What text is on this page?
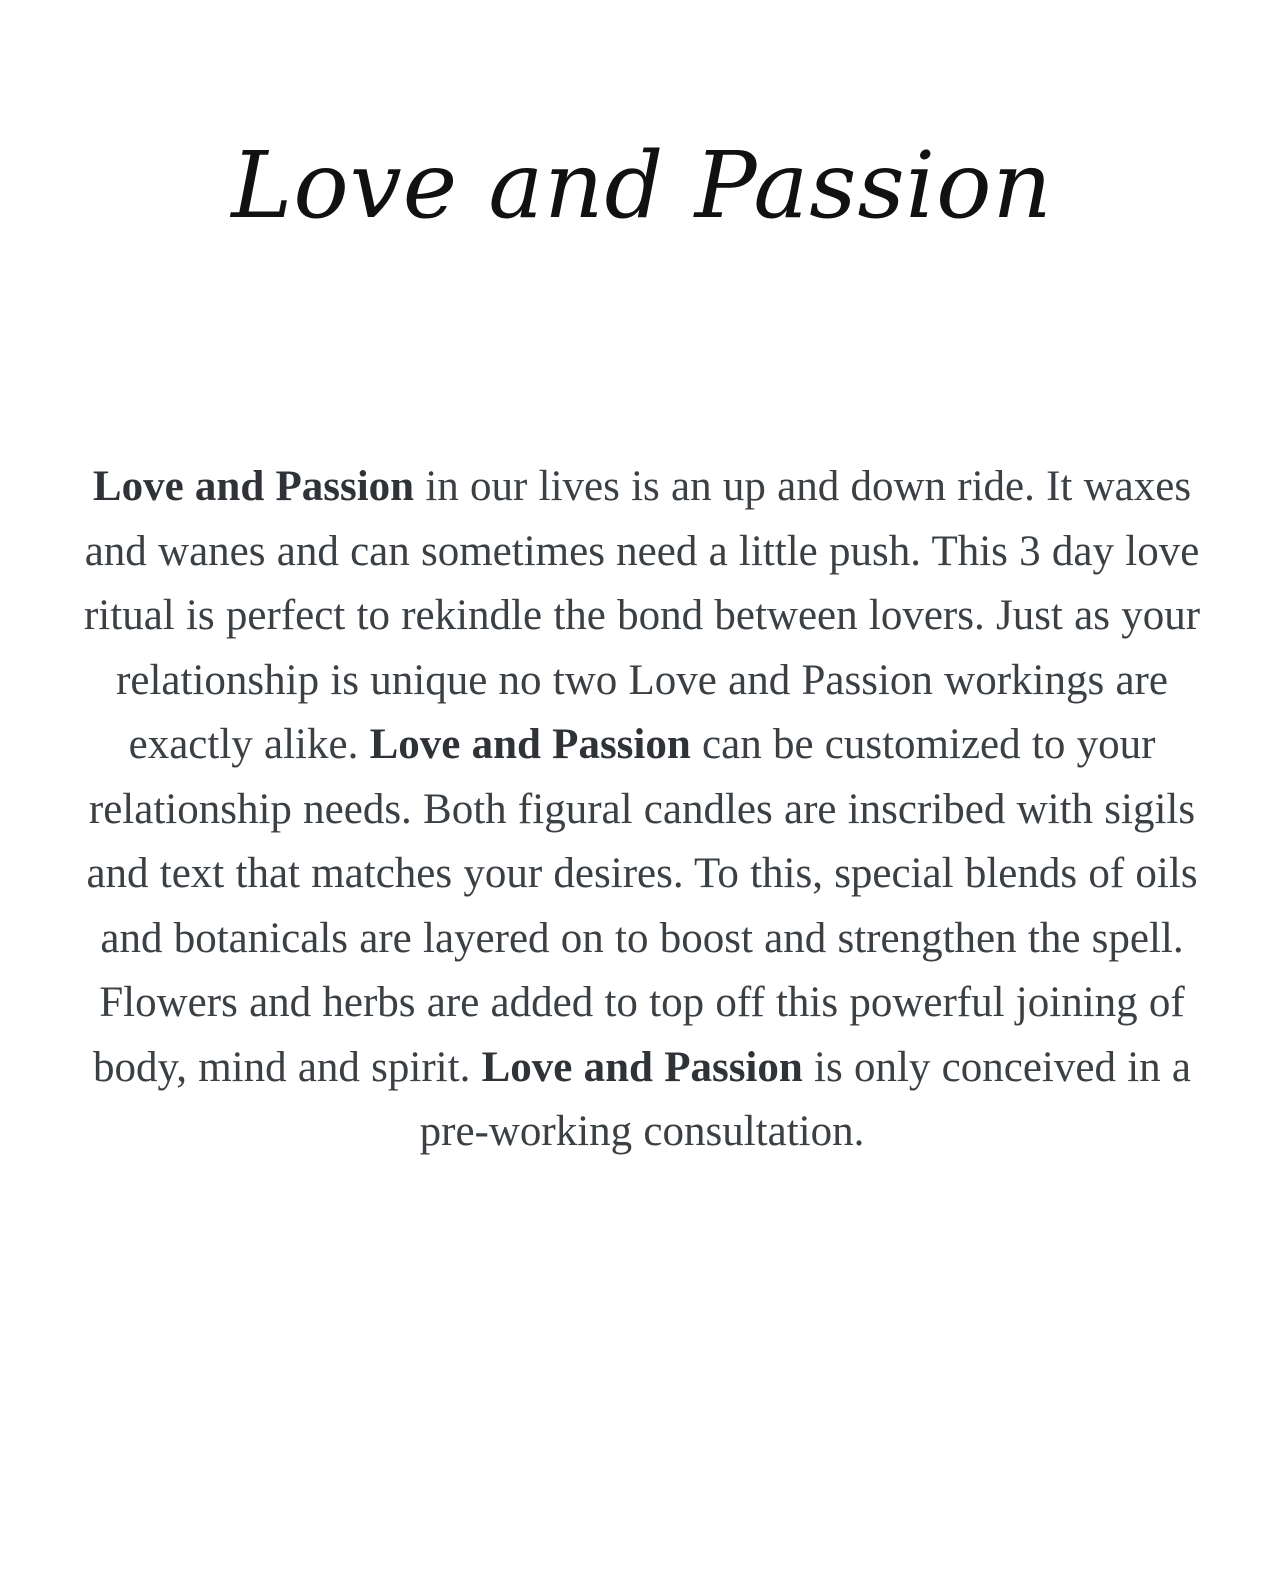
Love and Passion

Love and Passion in our lives is an up and down ride. It waxes and wanes and can sometimes need a little push. This 3 day love ritual is perfect to rekindle the bond between lovers. Just as your relationship is unique no two Love and Passion workings are exactly alike. Love and Passion can be customized to your relationship needs. Both figural candles are inscribed with sigils and text that matches your desires. To this, special blends of oils and botanicals are layered on to boost and strengthen the spell. Flowers and herbs are added to top off this powerful joining of body, mind and spirit. Love and Passion is only conceived in a pre-working consultation.
